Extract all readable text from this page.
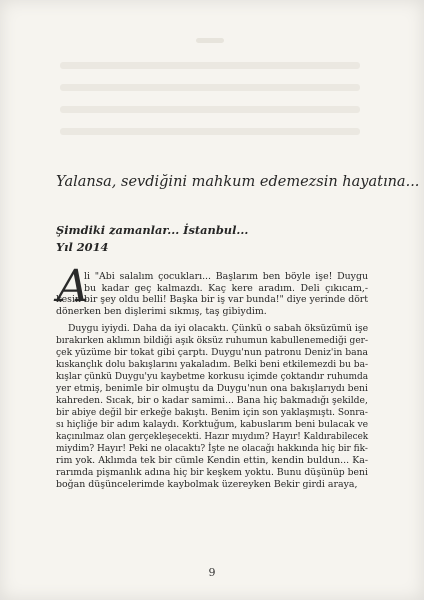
Yalansa, sevdiğini mahkum edemezsin hayatına...

Şimdiki zamanlar... İstanbul...

Yıl 2014

A

li "Abi salalım çocukları... Başlarım ben böyle işe! Duygu

bu kadar geç kalmazdı. Kaç kere aradım. Deli çıkıcam,-

kesin bir şey oldu belli! Başka bir iş var bunda!" diye yerinde dört

dönerken ben dişlerimi sıkmış, taş gibiydim.

Duygu iyiydi. Daha da iyi olacaktı. Çünkü o sabah öksüzümü işe

bırakırken aklımın bildiği aşık öksüz ruhumun kabullenemediği ger-

çek yüzüme bir tokat gibi çarptı. Duygu'nun patronu Deniz'in bana

kıskançlık dolu bakışlarını yakaladım. Belki beni etkilemezdi bu ba-

kışlar çünkü Duygu'yu kaybetme korkusu içimde çoktandır ruhumda

yer etmiş, benimle bir olmuştu da Duygu'nun ona bakışlarıydı beni

kahreden. Sıcak, bir o kadar samimi... Bana hiç bakmadığı şekilde,

bir abiye değil bir erkeğe bakıştı. Benim için son yaklaşmıştı. Sonra-

sı hiçliğe bir adım kalaydı. Korktuğum, kabuslarım beni bulacak ve

kaçınılmaz olan gerçekleşecekti. Hazır mıydım? Hayır! Kaldırabilecek

miydim? Hayır! Peki ne olacaktı? İşte ne olacağı hakkında hiç bir fik-

rim yok. Aklımda tek bir cümle Kendin ettin, kendin buldun... Ka-

rarımda pişmanlık adına hiç bir keşkem yoktu. Bunu düşünüp beni

boğan düşüncelerimde kaybolmak üzereyken Bekir girdi araya,

9
